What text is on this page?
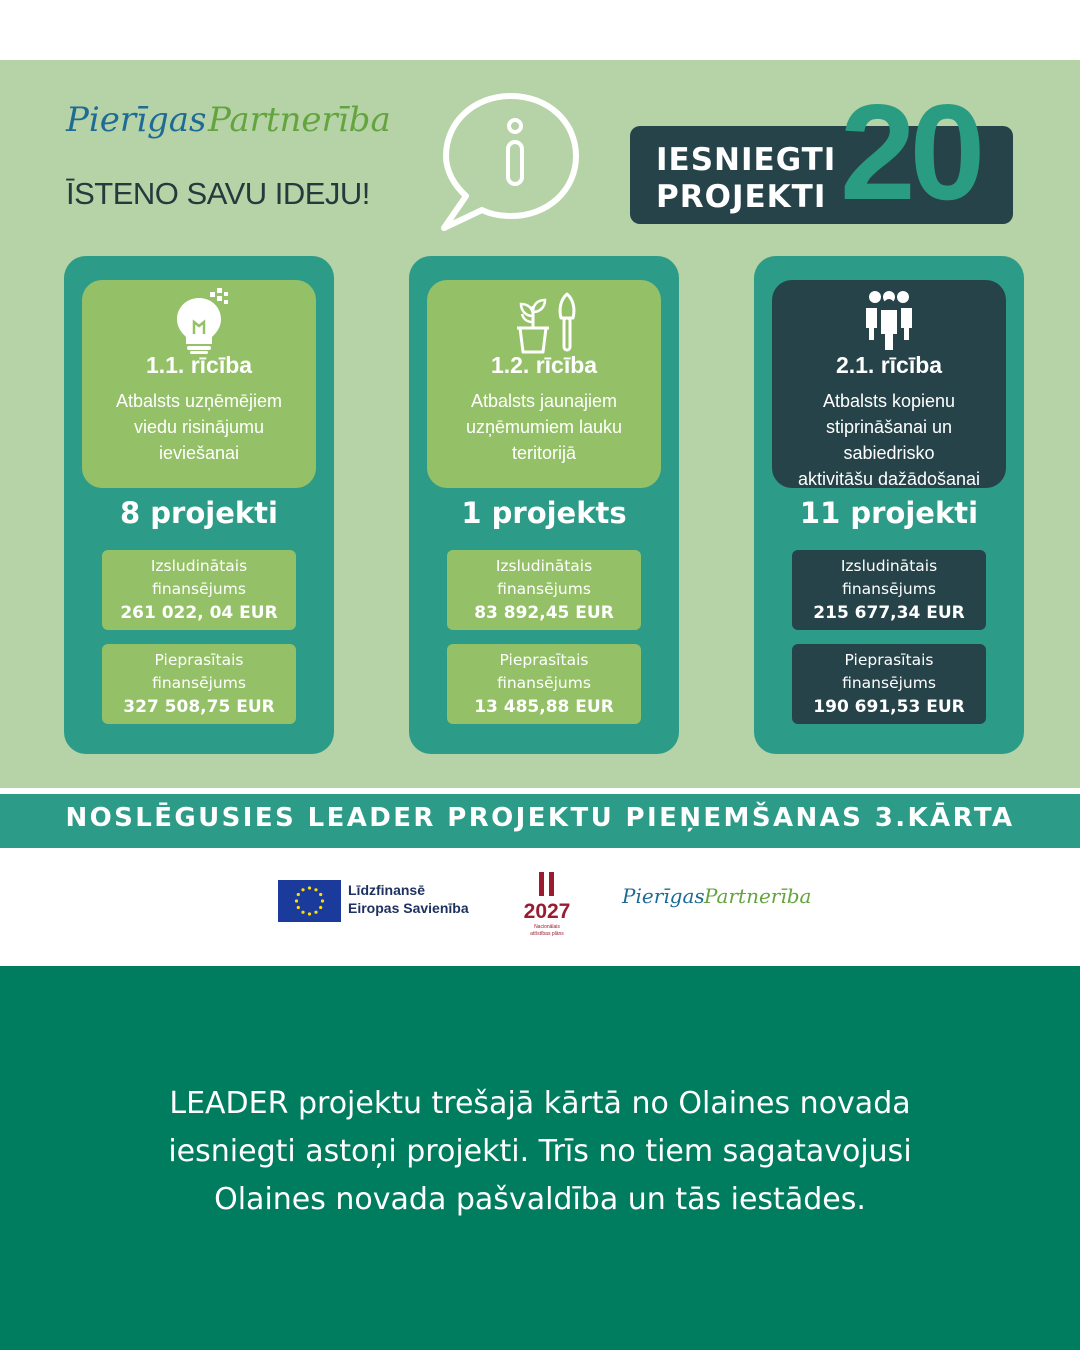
Pierīgas Partnerība
ĪSTENO SAVU IDEJU!
IESNIEGTI
PROJEKTI 20
1.1. rīcība
Atbalsts uzņēmējiem
viedu risinājumu
ieviešanai
8 projekti
Izsludinātais
finansējums
261 022, 04 EUR
Pieprasītais
finansējums
327 508,75 EUR
1.2. rīcība
Atbalsts jaunajiem
uzņēmumiem lauku
teritorijā
1 projekts
Izsludinātais
finansējums
83 892,45 EUR
Pieprasītais
finansējums
13 485,88 EUR
2.1. rīcība
Atbalsts kopienu
stiprināšanai un sabiedrisko
aktivitāšu dažādošanai
11 projekti
Izsludinātais
finansējums
215 677,34 EUR
Pieprasītais
finansējums
190 691,53 EUR
NOSLĒGUSIES LEADER PROJEKTU PIEŅEMŠANAS 3.KĀRTA
Līdzfinansē
Eiropas Savienība	2027
Nacionālais
attīstības plāns
Pierīgas Partnerība
LEADER projektu trešajā kārtā no Olaines novada
iesniegti astoņi projekti. Trīs no tiem sagatavojusi
Olaines novada pašvaldība un tās iestādes.
